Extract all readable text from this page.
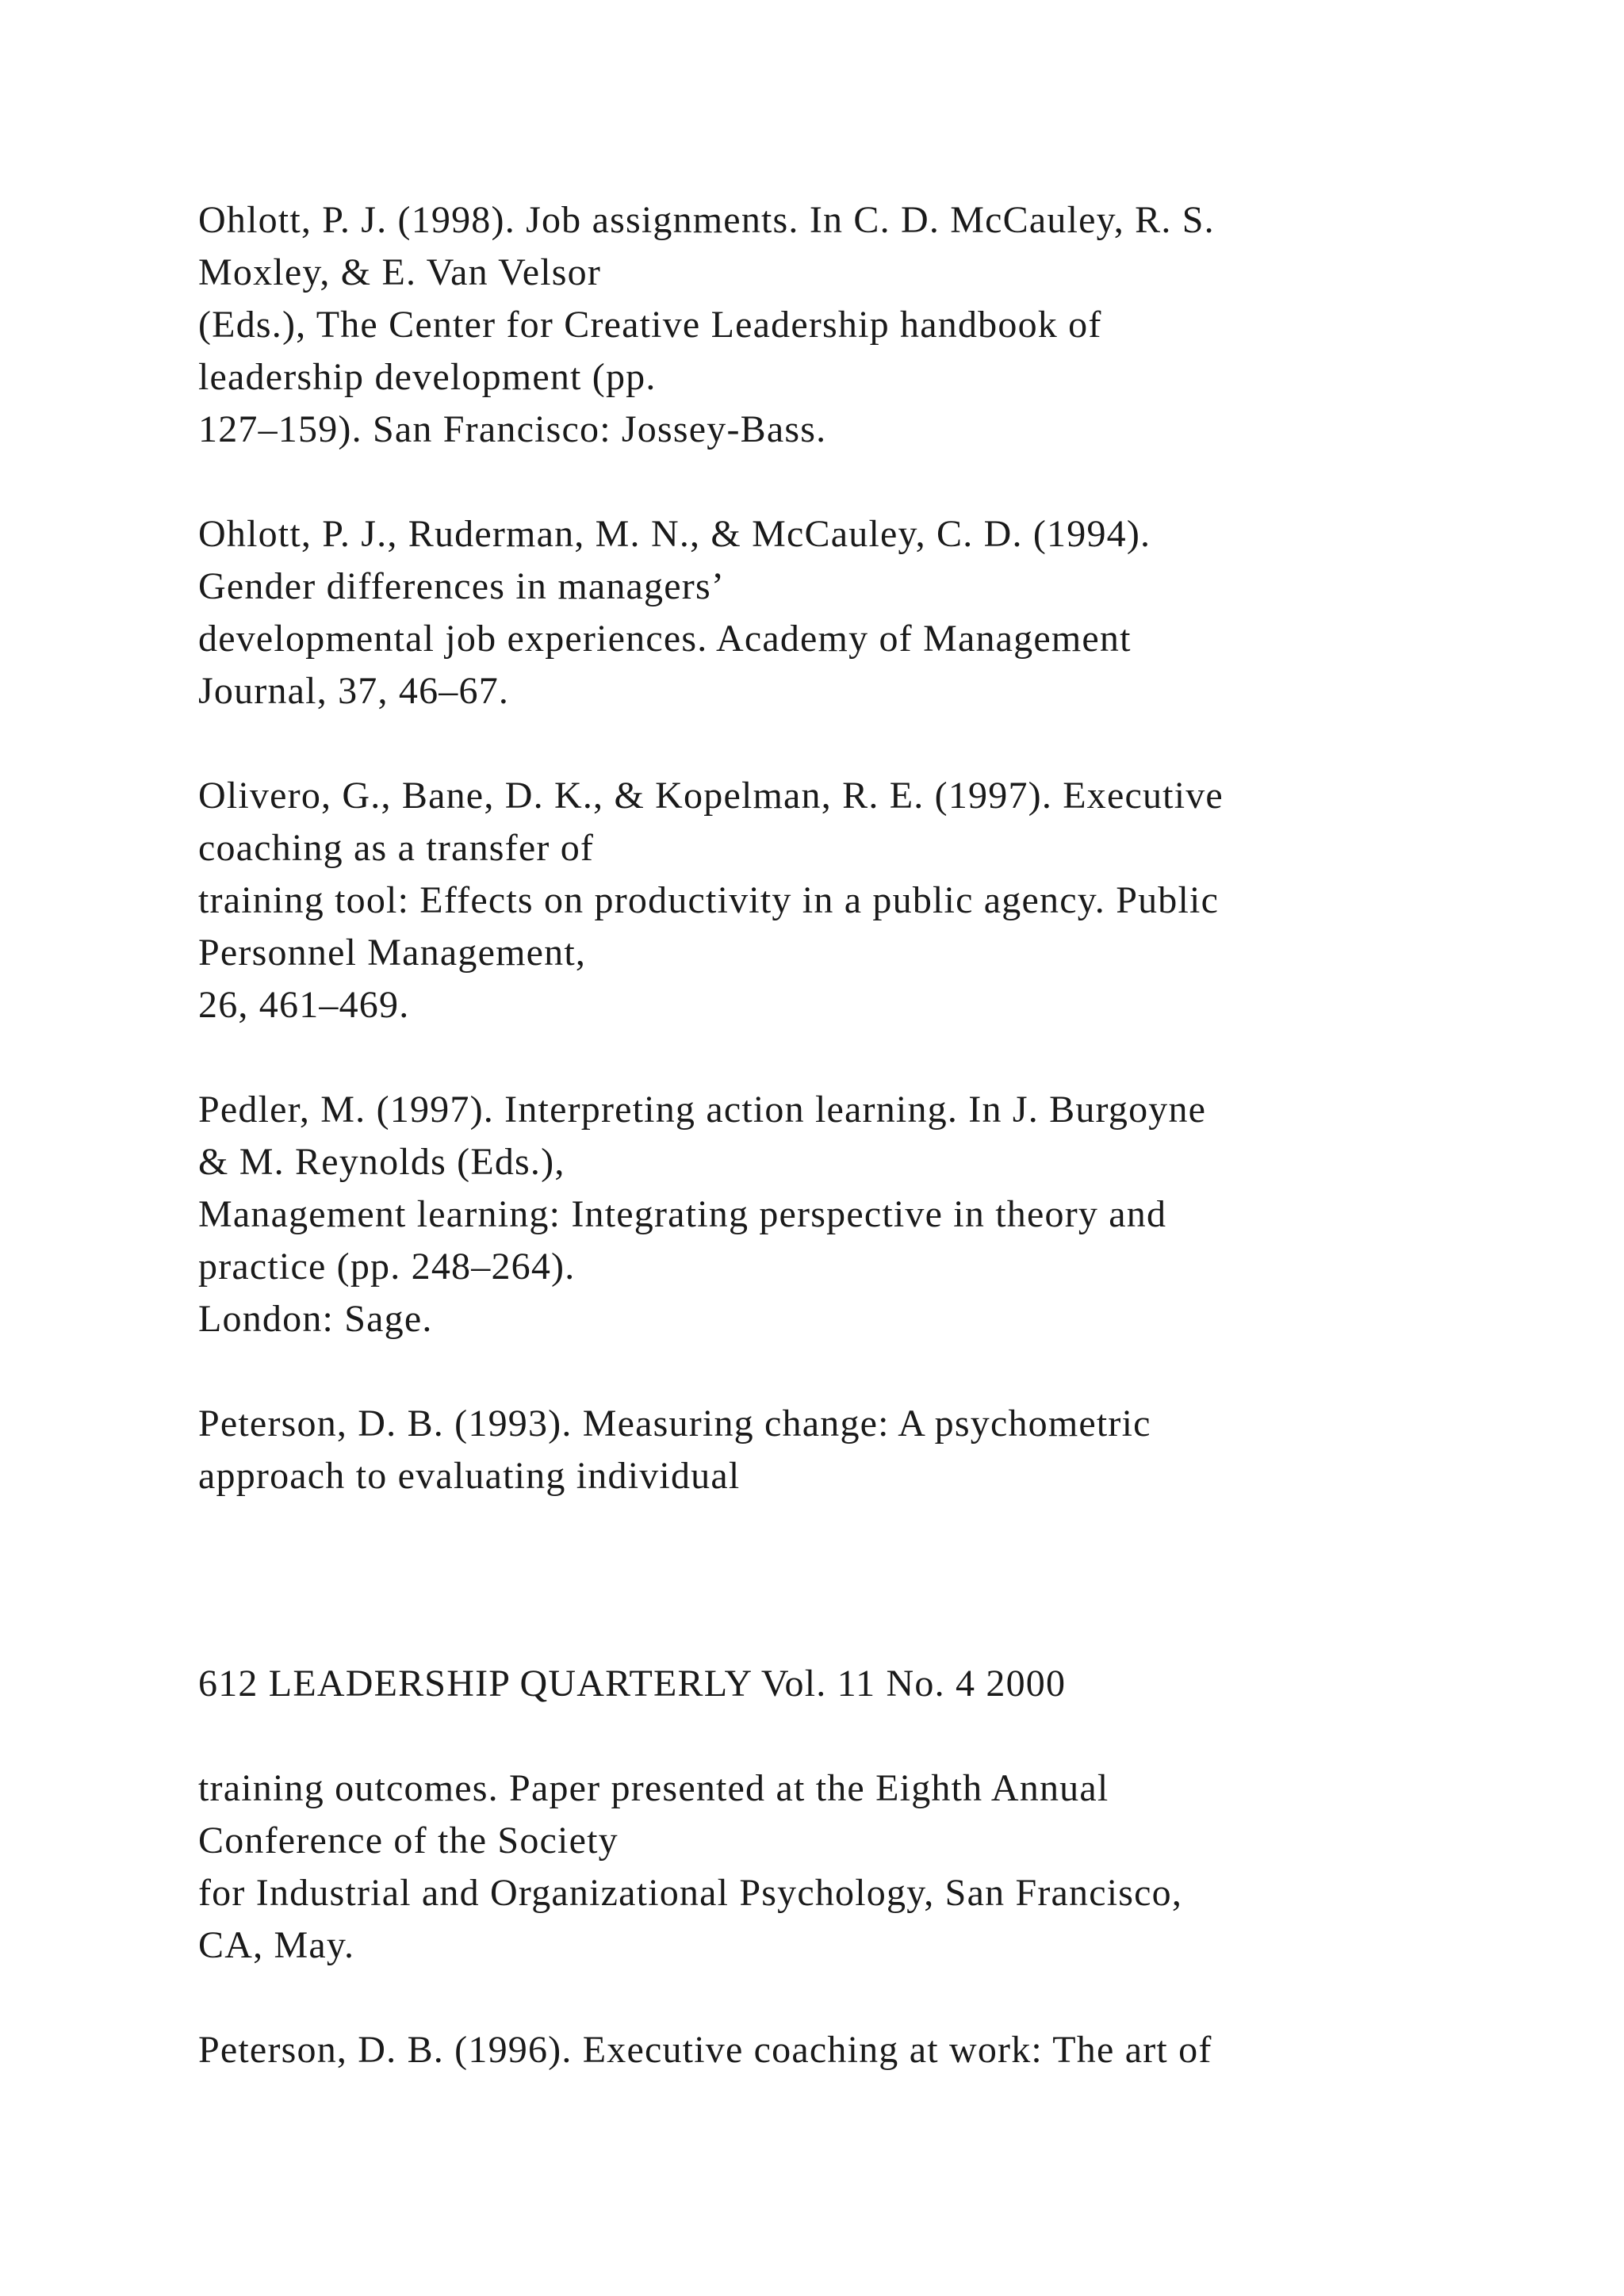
Ohlott, P. J. (1998). Job assignments. In C. D. McCauley, R. S.
Moxley, & E. Van Velsor
(Eds.), The Center for Creative Leadership handbook of
leadership development (pp.
127–159). San Francisco: Jossey-Bass.

Ohlott, P. J., Ruderman, M. N., & McCauley, C. D. (1994).
Gender differences in managers’
developmental job experiences. Academy of Management
Journal, 37, 46–67.

Olivero, G., Bane, D. K., & Kopelman, R. E. (1997). Executive
coaching as a transfer of
training tool: Effects on productivity in a public agency. Public
Personnel Management,
26, 461–469.

Pedler, M. (1997). Interpreting action learning. In J. Burgoyne
& M. Reynolds (Eds.),
Management learning: Integrating perspective in theory and
practice (pp. 248–264).
London: Sage.

Peterson, D. B. (1993). Measuring change: A psychometric
approach to evaluating individual

612 LEADERSHIP QUARTERLY Vol. 11 No. 4 2000

training outcomes. Paper presented at the Eighth Annual
Conference of the Society
for Industrial and Organizational Psychology, San Francisco,
CA, May.

Peterson, D. B. (1996). Executive coaching at work: The art of
